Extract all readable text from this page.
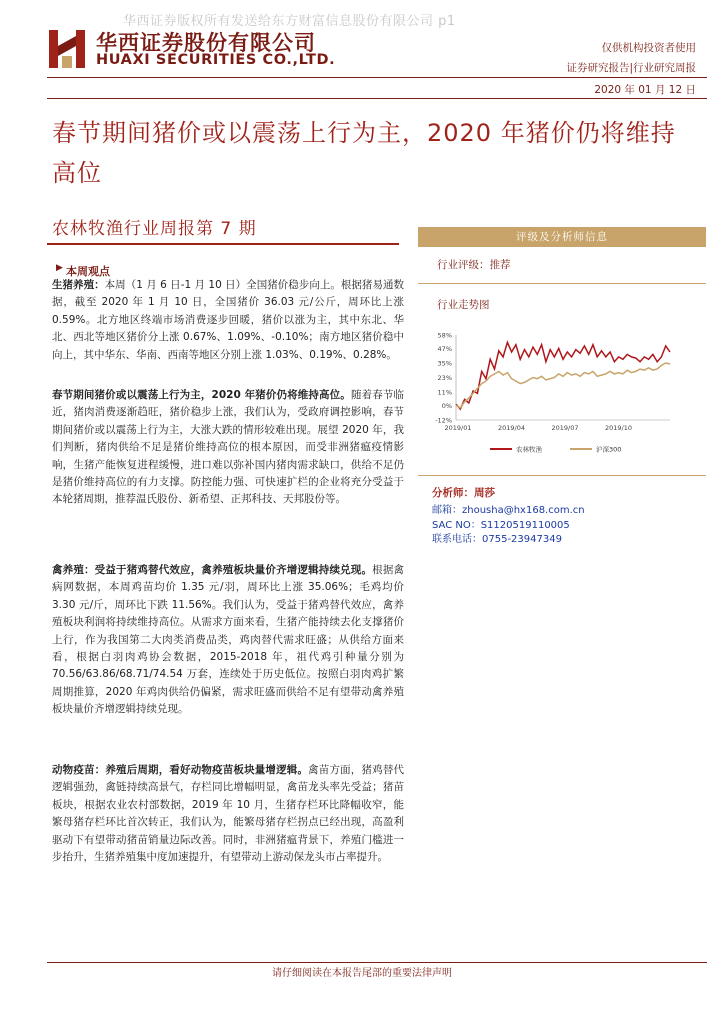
华西证券版权所有发送给东方财富信息股份有限公司 p1
华西证券股份有限公司
HUAXI SECURITIES CO.,LTD.
仅供机构投资者使用
证券研究报告|行业研究周报
2020 年 01 月 12 日
春节期间猪价或以震荡上行为主，2020 年猪价仍将维持高位
农林牧渔行业周报第 7 期
▶ 本周观点
生猪养殖：本周（1 月 6 日-1 月 10 日）全国猪价稳步向上。根据猪易通数据，截至 2020 年 1 月 10 日，全国猪价 36.03 元/公斤，周环比上涨 0.59%。北方地区终端市场消费逐步回暖，猪价以涨为主，其中东北、华北、西北等地区猪价分上涨 0.67%、1.09%、-0.10%；南方地区猪价稳中向上，其中华东、华南、西南等地区分别上涨 1.03%、0.19%、0.28%。
春节期间猪价或以震荡上行为主，2020 年猪价仍将维持高位。随着春节临近，猪肉消费逐渐趋旺，猪价稳步上涨，我们认为，受政府调控影响，春节期间猪价或以震荡上行为主，大涨大跌的情形较难出现。展望 2020 年，我们判断，猪肉供给不足是猪价维持高位的根本原因，而受非洲猪瘟疫情影响，生猪产能恢复进程缓慢，进口难以弥补国内猪肉需求缺口，供给不足仍是猪价维持高位的有力支撑。防控能力强、可快速扩栏的企业将充分受益于本轮猪周期，推荐温氏股份、新希望、正邦科技、天邦股份等。
禽养殖：受益于猪鸡替代效应，禽养殖板块量价齐增逻辑持续兑现。根据禽病网数据，本周鸡苗均价 1.35 元/羽，周环比上涨 35.06%；毛鸡均价 3.30 元/斤，周环比下跌 11.56%。我们认为，受益于猪鸡替代效应，禽养殖板块利润将持续维持高位。从需求方面来看，生猪产能持续去化支撑猪价上行，作为我国第二大肉类消费品类，鸡肉替代需求旺盛；从供给方面来看，根据白羽肉鸡协会数据，2015-2018 年，祖代鸡引种量分别为 70.56/63.86/68.71/74.54 万套，连续处于历史低位。按照白羽肉鸡扩繁周期推算，2020 年鸡肉供给仍偏紧，需求旺盛而供给不足有望带动禽养殖板块量价齐增逻辑持续兑现。
动物疫苗：养殖后周期，看好动物疫苗板块量增逻辑。禽苗方面，猪鸡替代逻辑强劲，禽链持续高景气，存栏同比增幅明显，禽苗龙头率先受益；猪苗板块，根据农业农村部数据，2019 年 10 月，生猪存栏环比降幅收窄，能繁母猪存栏环比首次转正，我们认为，能繁母猪存栏拐点已经出现，高盈利驱动下有望带动猪苗销量边际改善。同时，非洲猪瘟背景下，养殖门槛进一步抬升，生猪养殖集中度加速提升，有望带动上游动保龙头市占率提升。
评级及分析师信息
行业评级：推荐
行业走势图
58%
47%
35%
23%
11%
0%
-12%
2019/01	2019/04	2019/07	2019/10
农林牧渔	沪深300
分析师：周莎
邮箱：zhousha@hx168.com.cn
SAC NO：S1120519110005
联系电话：0755-23947349
请仔细阅读在本报告尾部的重要法律声明
